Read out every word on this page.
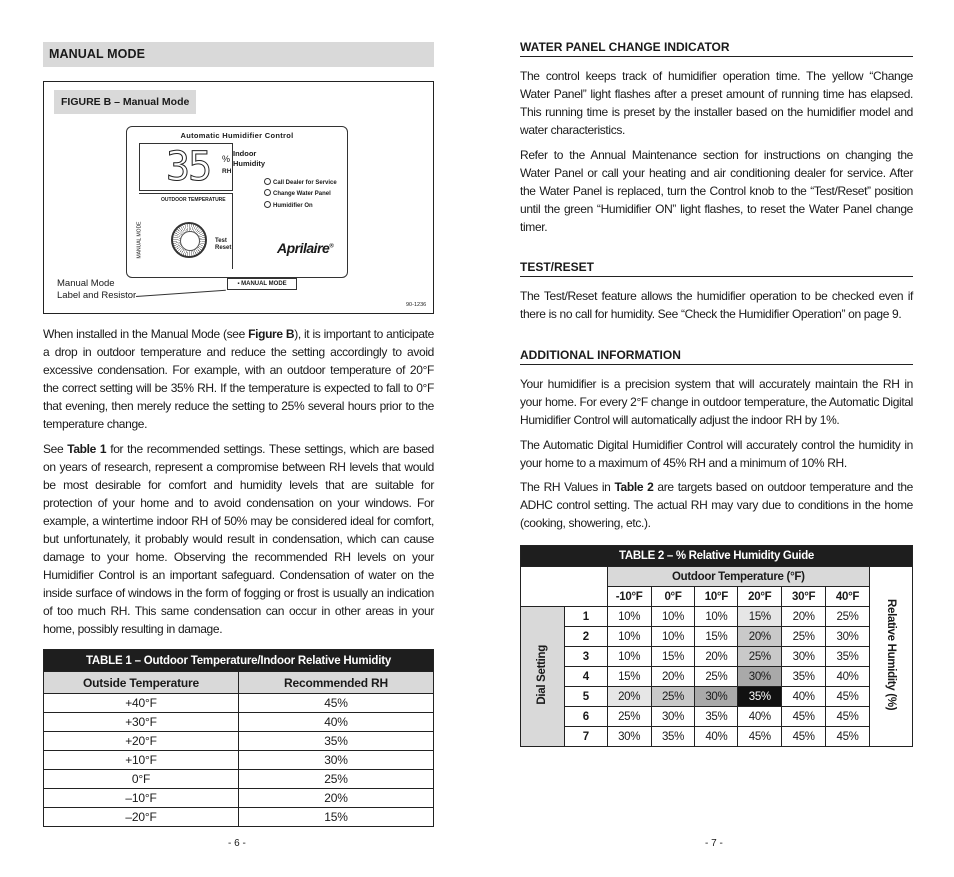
MANUAL MODE
FIGURE B – Manual Mode
Automatic Humidifier Control
35 %
RH
Indoor
Humidity
Call Dealer for Service
Change Water Panel
Humidifier On
MANUAL MODE
OUTDOOR TEMPERATURE
Test
Reset	Aprilaire®
▪ MANUAL MODE
Manual Mode
Label and Resistor
90-1236
When installed in the Manual Mode (see Figure B), it is important to anticipate a drop in outdoor temperature and reduce the setting accordingly to avoid excessive condensation. For example, with an outdoor temperature of 20°F the correct setting will be 35% RH. If the temperature is expected to fall to 0°F that evening, then merely reduce the setting to 25% several hours prior to the temperature change.
See Table 1 for the recommended settings. These settings, which are based on years of research, represent a compromise between RH levels that would be most desirable for comfort and humidity levels that are suitable for protection of your home and to avoid condensation on your windows. For example, a wintertime indoor RH of 50% may be considered ideal for comfort, but unfortunately, it probably would result in condensation, which can cause damage to your home. Observing the recommended RH levels on your Humidifier Control is an important safeguard. Condensation of water on the inside surface of windows in the form of fogging or frost is usually an indication of too much RH. This same condensation can occur in other areas in your home, possibly resulting in damage.
TABLE 1 – Outdoor Temperature/Indoor Relative Humidity	
Outside Temperature	Recommended RH
+40°F	45%
+30°F	40%
+20°F	35%
+10°F	30%
0°F	25%
–10°F	20%
–20°F	15%
- 6 -
WATER PANEL CHANGE INDICATOR
The control keeps track of humidifier operation time. The yellow “Change Water Panel” light flashes after a preset amount of running time has elapsed. This running time is preset by the installer based on the humidifier model and water characteristics.
Refer to the Annual Maintenance section for instructions on changing the Water Panel or call your heating and air conditioning dealer for service. After the Water Panel is replaced, turn the Control knob to the “Test/Reset” position until the green “Humidifier ON” light flashes, to reset the Water Panel change timer.
TEST/RESET
The Test/Reset feature allows the humidifier operation to be checked even if there is no call for humidity. See “Check the Humidifier Operation” on page 9.
ADDITIONAL INFORMATION
Your humidifier is a precision system that will accurately maintain the RH in your home. For every 2°F change in outdoor temperature, the Automatic Digital Humidifier Control will automatically adjust the indoor RH by 1%.
The Automatic Digital Humidifier Control will accurately control the humidity in your home to a maximum of 45% RH and a minimum of 10% RH.
The RH Values in Table 2 are targets based on outdoor temperature and the ADHC control setting. The actual RH may vary due to conditions in the home (cooking, showering, etc.).
TABLE 2 – % Relative Humidity Guide								
		Outdoor Temperature (°F)						Relative Humidity (%)
		-10°F	0°F	10°F	20°F	30°F	40°F	
Dial Setting	1	10%	10%	10%	15%	20%	25%	
	2	10%	10%	15%	20%	25%	30%	
	3	10%	15%	20%	25%	30%	35%	
	4	15%	20%	25%	30%	35%	40%	
	5	20%	25%	30%	35%	40%	45%	
	6	25%	30%	35%	40%	45%	45%	
	7	30%	35%	40%	45%	45%	45%	
- 7 -
